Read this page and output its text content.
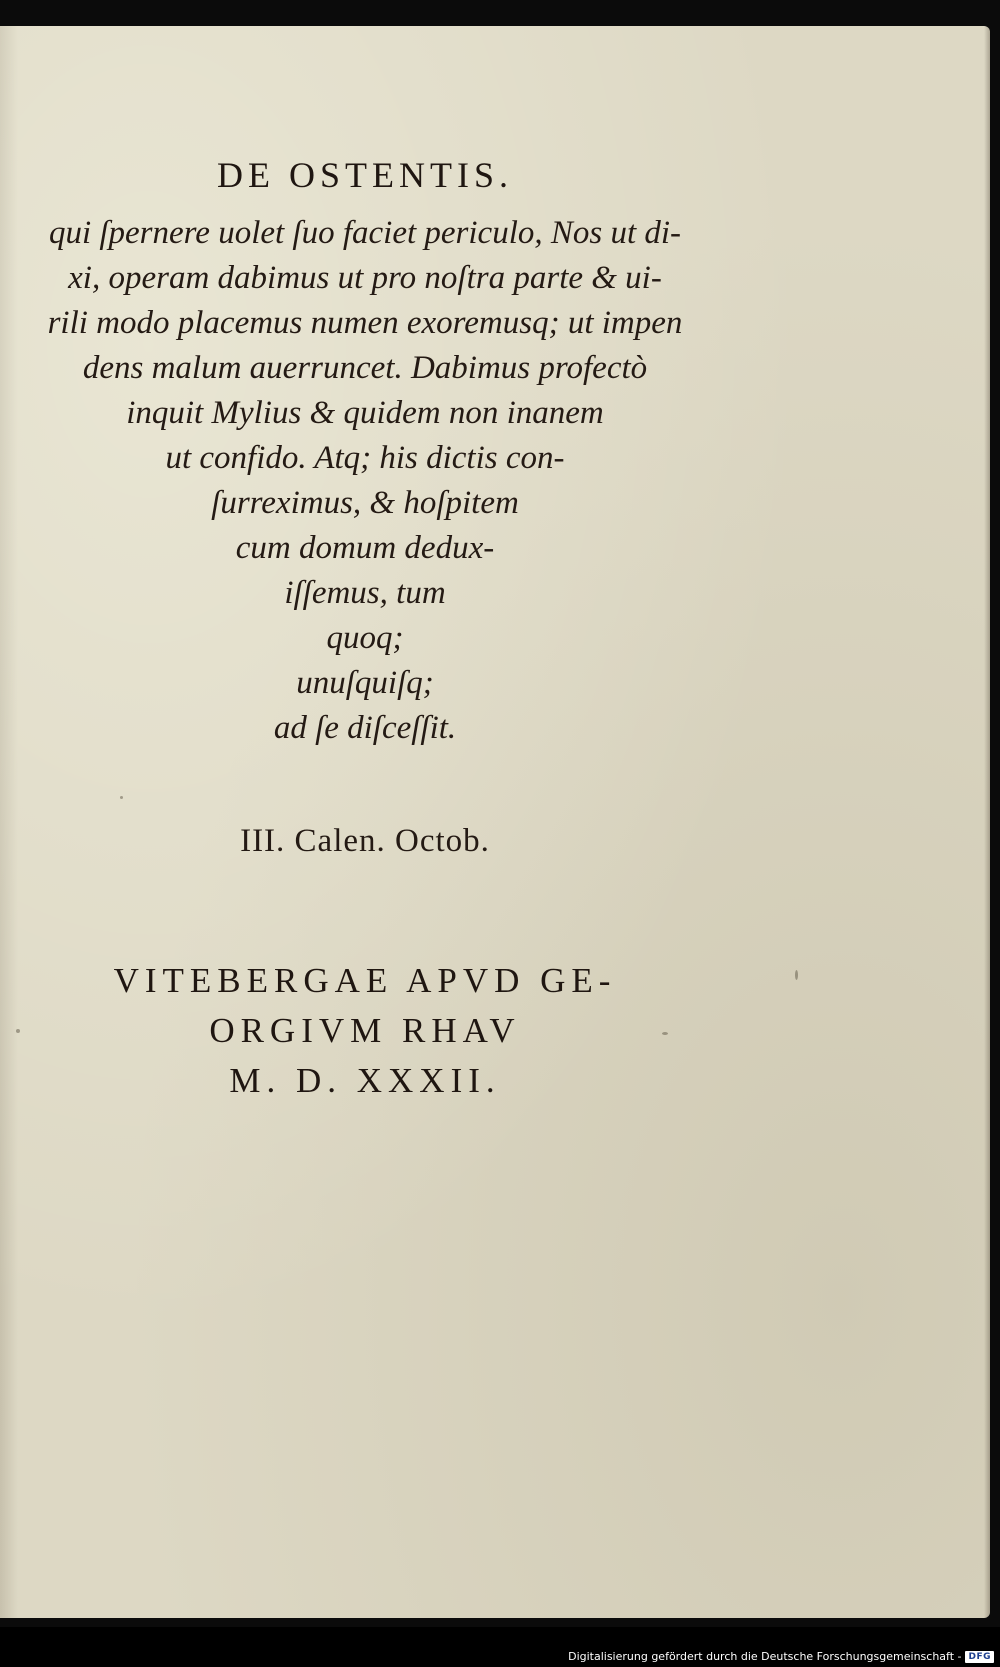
DE OSTENTIS.
qui ſpernere uolet ſuo faciet periculo, Nos ut di-
xi, operam dabimus ut pro noſtra parte & ui-
rili modo placemus numen exoremusq; ut impen
dens malum auerruncet. Dabimus profectò
inquit Mylius & quidem non inanem
ut confido. Atq; his dictis con-
ſurreximus, & hoſpitem
cum domum dedux-
iſſemus, tum
quoq;
unuſquiſq;
ad ſe diſceſſit.
III. Calen. Octob.
VITEBERGAE APVD GE-
ORGIVM RHAV
M. D. XXXII.
Digitalisierung gefördert durch die Deutsche Forschungsgemeinschaft - DFG
